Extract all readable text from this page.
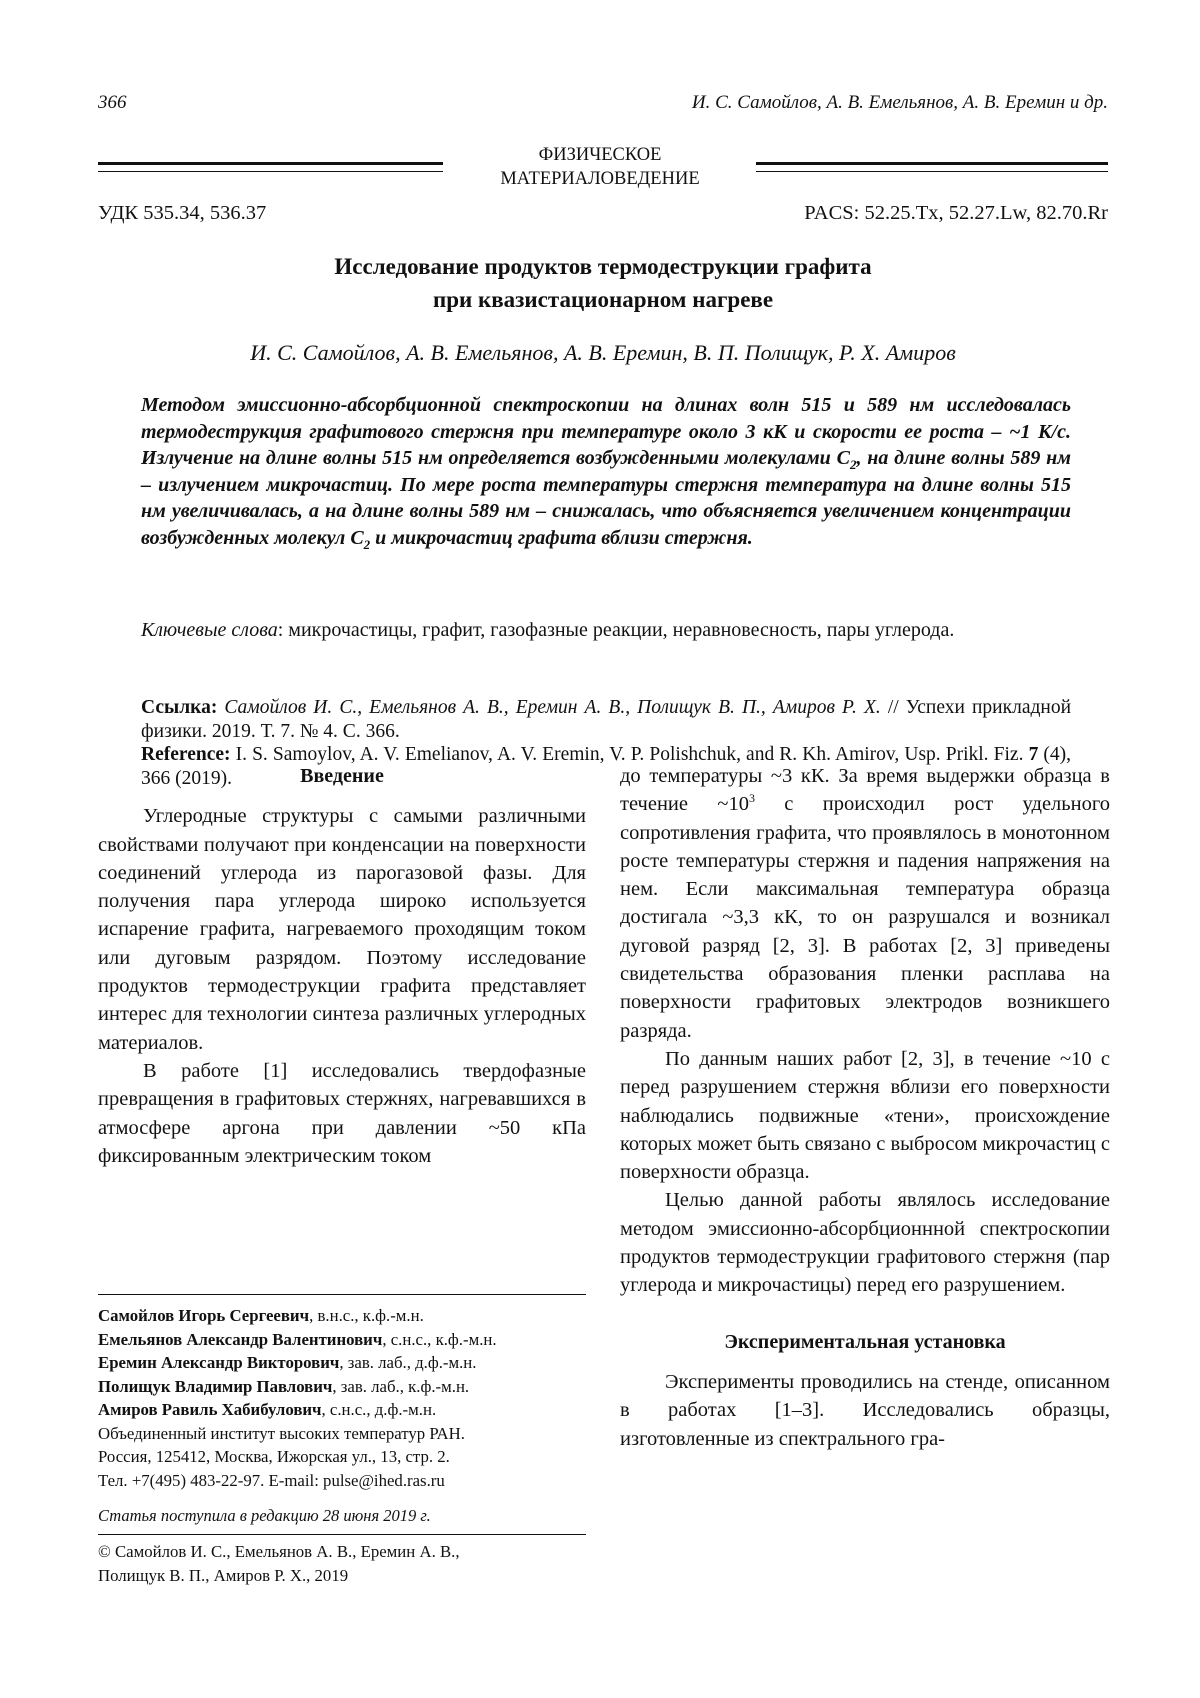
366	И. С. Самойлов, А. В. Емельянов, А. В. Еремин и др.
ФИЗИЧЕСКОЕ
МАТЕРИАЛОВЕДЕНИЕ
УДК 535.34, 536.37	PACS: 52.25.Tx, 52.27.Lw, 82.70.Rr
Исследование продуктов термодеструкции графита
при квазистационарном нагреве
И. С. Самойлов, А. В. Емельянов, А. В. Еремин, В. П. Полищук, Р. Х. Амиров
Методом эмиссионно-абсорбционной спектроскопии на длинах волн 515 и 589 нм исследовалась термодеструкция графитового стержня при температуре около 3 кК и скорости ее роста – ~1 К/с. Излучение на длине волны 515 нм определяется возбужденными молекулами C2, на длине волны 589 нм – излучением микрочастиц. По мере роста температуры стержня температура на длине волны 515 нм увеличивалась, а на длине волны 589 нм – снижалась, что объясняется увеличением концентрации возбужденных молекул C2 и микрочастиц графита вблизи стержня.
Ключевые слова: микрочастицы, графит, газофазные реакции, неравновесность, пары углерода.
Ссылка: Самойлов И. С., Емельянов А. В., Еремин А. В., Полищук В. П., Амиров Р. Х. // Успехи прикладной физики. 2019. Т. 7. № 4. С. 366.
Reference: I. S. Samoylov, A. V. Emelianov, A. V. Eremin, V. P. Polishchuk, and R. Kh. Amirov, Usp. Prikl. Fiz. 7 (4), 366 (2019).	Введение

Углеродные структуры с самыми различными свойствами получают при конденсации на поверхности соединений углерода из парогазовой фазы. Для получения пара углерода широко используется испарение графита, нагреваемого проходящим током или дуговым разрядом. Поэтому исследование продуктов термодеструкции графита представляет интерес для технологии синтеза различных углеродных материалов.

В работе [1] исследовались твердофазные превращения в графитовых стержнях, нагревавшихся в атмосфере аргона при давлении ~50 кПа фиксированным электрическим током

до температуры ~3 кК. За время выдержки образца в течение ~103 с происходил рост удельного сопротивления графита, что проявлялось в монотонном росте температуры стержня и падения напряжения на нем. Если максимальная температура образца достигала ~3,3 кК, то он разрушался и возникал дуговой разряд [2, 3]. В работах [2, 3] приведены свидетельства образования пленки расплава на поверхности графитовых электродов возникшего разряда.

По данным наших работ [2, 3], в течение ~10 с перед разрушением стержня вблизи его поверхности наблюдались подвижные «тени», происхождение которых может быть связано с выбросом микрочастиц с поверхности образца.

Целью данной работы являлось исследование методом эмиссионно-абсорбционнной спектроскопии продуктов термодеструкции графитового стержня (пар углерода и микрочастицы) перед его разрушением.

Экспериментальная установка

Эксперименты проводились на стенде, описанном в работах [1–3]. Исследовались образцы, изготовленные из спектрального гра-

Самойлов Игорь Сергеевич, в.н.с., к.ф.-м.н.
Емельянов Александр Валентинович, с.н.с., к.ф.-м.н.
Еремин Александр Викторович, зав. лаб., д.ф.-м.н.
Полищук Владимир Павлович, зав. лаб., к.ф.-м.н.
Амиров Равиль Хабибулович, с.н.с., д.ф.-м.н.
Объединенный институт высоких температур РАН.
Россия, 125412, Москва, Ижорская ул., 13, стр. 2.
Тел. +7(495) 483-22-97. E-mail: pulse@ihed.ras.ru
Статья поступила в редакцию 28 июня 2019 г.
© Самойлов И. С., Емельянов А. В., Еремин А. В.,
Полищук В. П., Амиров Р. Х., 2019
